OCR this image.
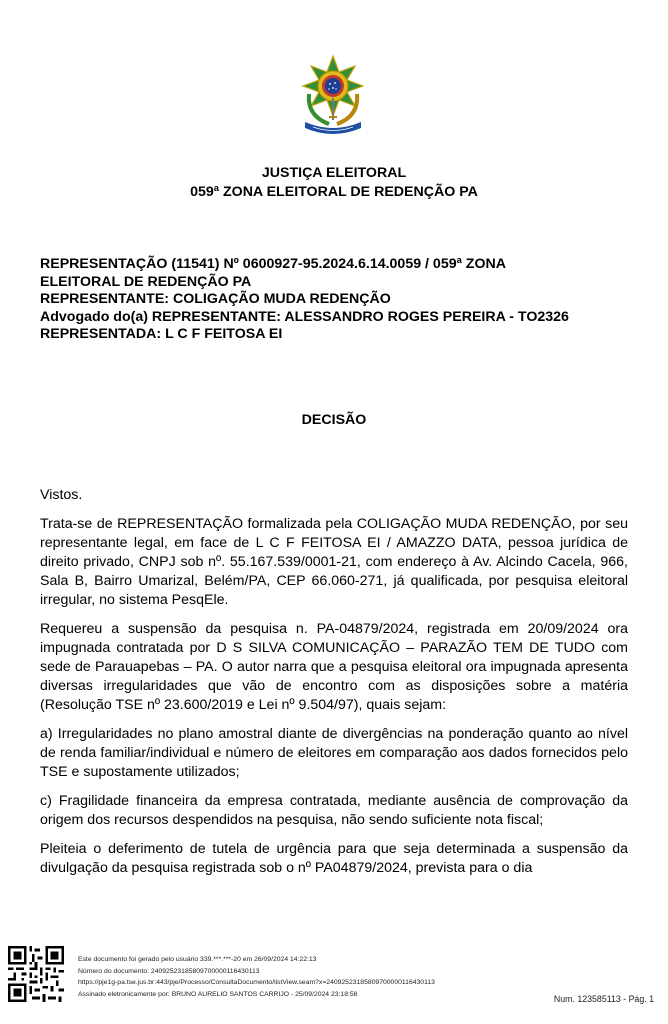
JUSTIÇA ELEITORAL
059ª ZONA ELEITORAL DE REDENÇÃO PA
REPRESENTAÇÃO (11541) Nº 0600927-95.2024.6.14.0059 / 059ª ZONA
ELEITORAL DE REDENÇÃO PA
REPRESENTANTE: COLIGAÇÃO MUDA REDENÇÃO
Advogado do(a) REPRESENTANTE: ALESSANDRO ROGES PEREIRA - TO2326
REPRESENTADA: L C F FEITOSA EI
DECISÃO

Vistos.

Trata-se de REPRESENTAÇÃO formalizada pela COLIGAÇÃO MUDA REDENÇÃO, por seu representante legal, em face de L C F FEITOSA EI / AMAZZO DATA, pessoa jurídica de direito privado, CNPJ sob nº. 55.167.539/0001-21, com endereço à Av. Alcindo Cacela, 966, Sala B, Bairro Umarizal, Belém/PA, CEP 66.060-271, já qualificada, por pesquisa eleitoral irregular, no sistema PesqEle.

Requereu a suspensão da pesquisa n. PA-04879/2024, registrada em 20/09/2024 ora impugnada contratada por D S SILVA COMUNICAÇÃO – PARAZÃO TEM DE TUDO com sede de Parauapebas – PA. O autor narra que a pesquisa eleitoral ora impugnada apresenta diversas irregularidades que vão de encontro com as disposições sobre a matéria (Resolução TSE nº 23.600/2019 e Lei nº 9.504/97), quais sejam:

a) Irregularidades no plano amostral diante de divergências na ponderação quanto ao nível de renda familiar/individual e número de eleitores em comparação aos dados fornecidos pelo TSE e supostamente utilizados;

c) Fragilidade financeira da empresa contratada, mediante ausência de comprovação da origem dos recursos despendidos na pesquisa, não sendo suficiente nota fiscal;

Pleiteia o deferimento de tutela de urgência para que seja determinada a suspensão da divulgação da pesquisa registrada sob o nº PA04879/2024, prevista para o dia

Este documento foi gerado pelo usuário 339.***.***-20 em 26/09/2024 14:22:13
Número do documento: 24092523185809700000116430113
https://pje1g-pa.tse.jus.br:443/pje/Processo/ConsultaDocumento/listView.seam?x=24092523185809700000116430113
Assinado eletronicamente por: BRUNO AURELIO SANTOS CARRIJO - 25/09/2024 23:18:58	Num. 123585113 - Pág. 1
